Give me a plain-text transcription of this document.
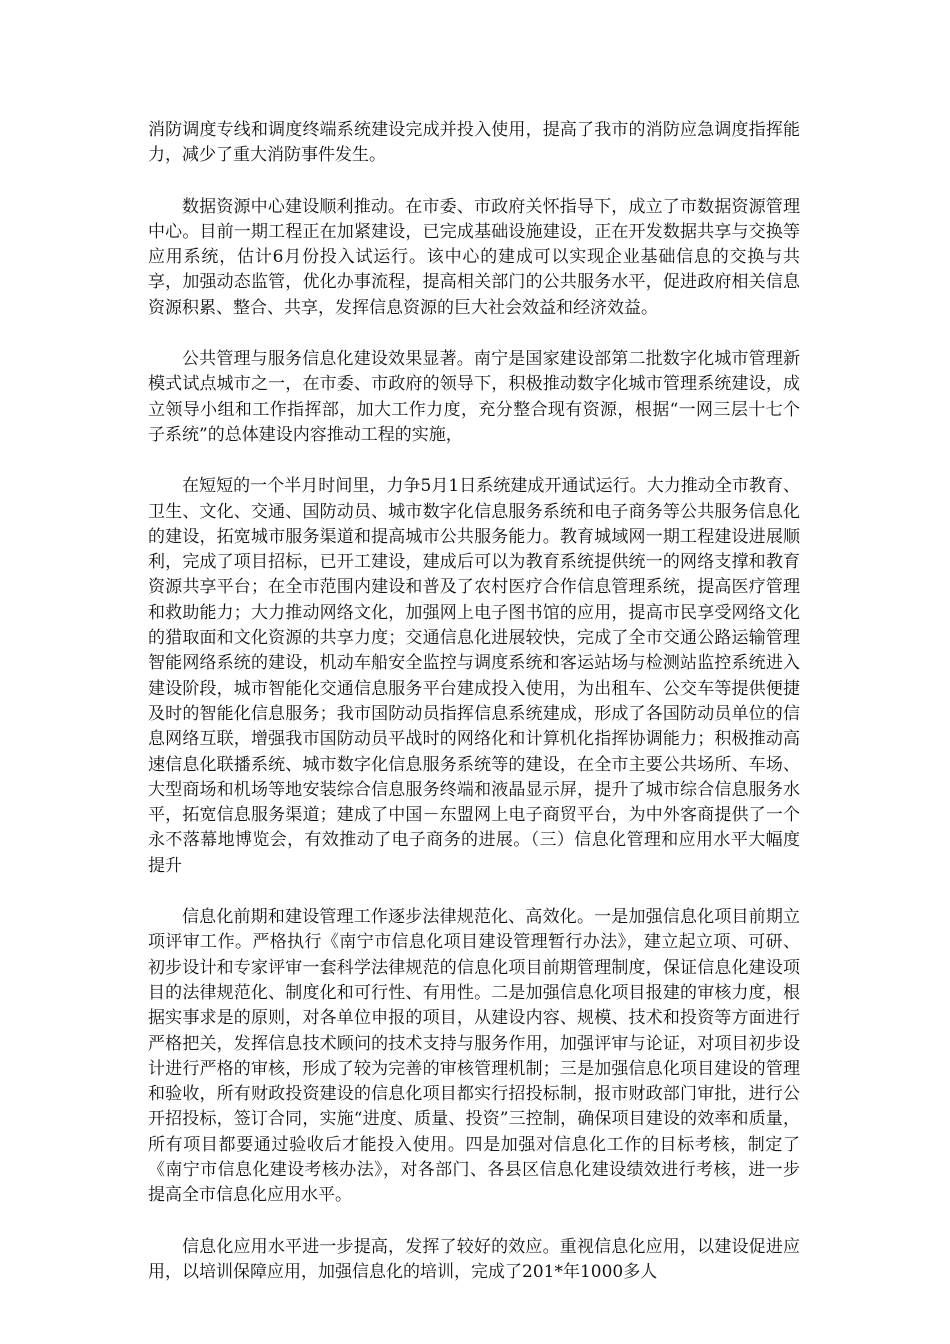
消防调度专线和调度终端系统建设完成并投入使用，提高了我市的消防应急调度指挥能力，减少了重大消防事件发生。

数据资源中心建设顺利推动。在市委、市政府关怀指导下，成立了市数据资源管理中心。目前一期工程正在加紧建设，已完成基础设施建设，正在开发数据共享与交换等应用系统，估计6月份投入试运行。该中心的建成可以实现企业基础信息的交换与共享，加强动态监管，优化办事流程，提高相关部门的公共服务水平，促进政府相关信息资源积累、整合、共享，发挥信息资源的巨大社会效益和经济效益。

公共管理与服务信息化建设效果显著。南宁是国家建设部第二批数字化城市管理新模式试点城市之一，在市委、市政府的领导下，积极推动数字化城市管理系统建设，成立领导小组和工作指挥部，加大工作力度，充分整合现有资源，根据“一网三层十七个子系统”的总体建设内容推动工程的实施，

在短短的一个半月时间里，力争5月1日系统建成开通试运行。大力推动全市教育、卫生、文化、交通、国防动员、城市数字化信息服务系统和电子商务等公共服务信息化的建设，拓宽城市服务渠道和提高城市公共服务能力。教育城域网一期工程建设进展顺利，完成了项目招标，已开工建设，建成后可以为教育系统提供统一的网络支撑和教育资源共享平台；在全市范围内建设和普及了农村医疗合作信息管理系统，提高医疗管理和救助能力；大力推动网络文化，加强网上电子图书馆的应用，提高市民享受网络文化的猎取面和文化资源的共享力度；交通信息化进展较快，完成了全市交通公路运输管理智能网络系统的建设，机动车船安全监控与调度系统和客运站场与检测站监控系统进入建设阶段，城市智能化交通信息服务平台建成投入使用，为出租车、公交车等提供便捷及时的智能化信息服务；我市国防动员指挥信息系统建成，形成了各国防动员单位的信息网络互联，增强我市国防动员平战时的网络化和计算机化指挥协调能力；积极推动高速信息化联播系统、城市数字化信息服务系统等的建设，在全市主要公共场所、车场、大型商场和机场等地安装综合信息服务终端和液晶显示屏，提升了城市综合信息服务水平，拓宽信息服务渠道；建成了中国－东盟网上电子商贸平台，为中外客商提供了一个永不落幕地博览会，有效推动了电子商务的进展。（三）信息化管理和应用水平大幅度提升

信息化前期和建设管理工作逐步法律规范化、高效化。一是加强信息化项目前期立项评审工作。严格执行《南宁市信息化项目建设管理暂行办法》，建立起立项、可研、初步设计和专家评审一套科学法律规范的信息化项目前期管理制度，保证信息化建设项目的法律规范化、制度化和可行性、有用性。二是加强信息化项目报建的审核力度，根据实事求是的原则，对各单位申报的项目，从建设内容、规模、技术和投资等方面进行严格把关，发挥信息技术顾问的技术支持与服务作用，加强评审与论证，对项目初步设计进行严格的审核，形成了较为完善的审核管理机制；三是加强信息化项目建设的管理和验收，所有财政投资建设的信息化项目都实行招投标制，报市财政部门审批，进行公开招投标，签订合同，实施“进度、质量、投资”三控制，确保项目建设的效率和质量，所有项目都要通过验收后才能投入使用。四是加强对信息化工作的目标考核，制定了《南宁市信息化建设考核办法》，对各部门、各县区信息化建设绩效进行考核，进一步提高全市信息化应用水平。

信息化应用水平进一步提高，发挥了较好的效应。重视信息化应用，以建设促进应用，以培训保障应用，加强信息化的培训，完成了201*年1000多人
